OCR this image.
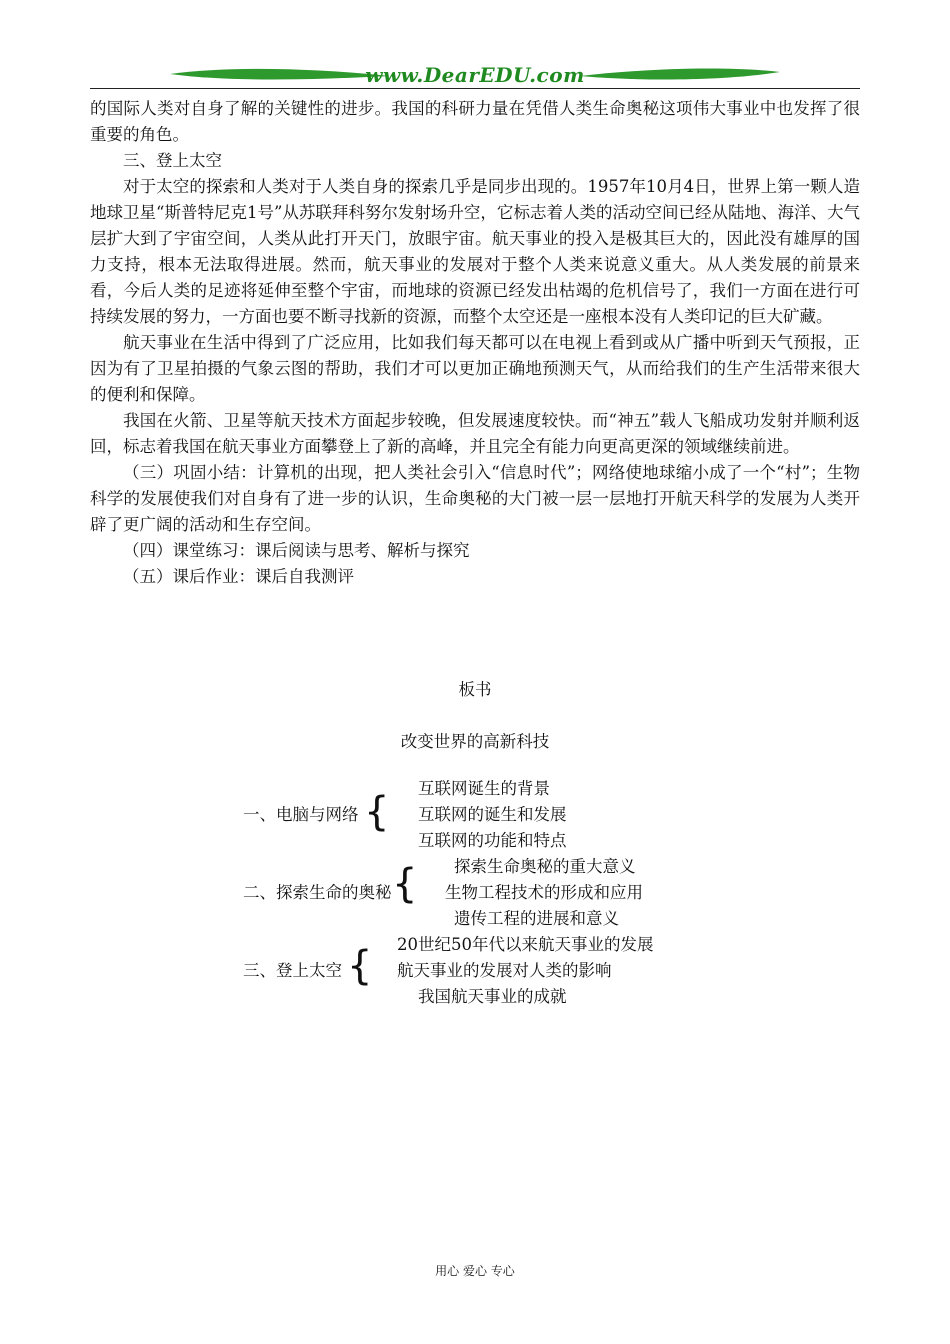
www.DearEDU.com

的国际人类对自身了解的关键性的进步。我国的科研力量在凭借人类生命奥秘这项伟大事业中也发挥了很重要的角色。

三、登上太空

对于太空的探索和人类对于人类自身的探索几乎是同步出现的。1957年10月4日，世界上第一颗人造地球卫星“斯普特尼克1号”从苏联拜科努尔发射场升空，它标志着人类的活动空间已经从陆地、海洋、大气层扩大到了宇宙空间，人类从此打开天门，放眼宇宙。航天事业的投入是极其巨大的，因此没有雄厚的国力支持，根本无法取得进展。然而，航天事业的发展对于整个人类来说意义重大。从人类发展的前景来看，今后人类的足迹将延伸至整个宇宙，而地球的资源已经发出枯竭的危机信号了，我们一方面在进行可持续发展的努力，一方面也要不断寻找新的资源，而整个太空还是一座根本没有人类印记的巨大矿藏。

航天事业在生活中得到了广泛应用，比如我们每天都可以在电视上看到或从广播中听到天气预报，正因为有了卫星拍摄的气象云图的帮助，我们才可以更加正确地预测天气，从而给我们的生产生活带来很大的便利和保障。

我国在火箭、卫星等航天技术方面起步较晚，但发展速度较快。而“神五”载人飞船成功发射并顺利返回，标志着我国在航天事业方面攀登上了新的高峰，并且完全有能力向更高更深的领域继续前进。

（三）巩固小结：计算机的出现，把人类社会引入“信息时代”；网络使地球缩小成了一个“村”；生物科学的发展使我们对自身有了进一步的认识，生命奥秘的大门被一层一层地打开航天科学的发展为人类开辟了更广阔的活动和生存空间。

（四）课堂练习：课后阅读与思考、解析与探究

（五）课后作业：课后自我测评

板书
改变世界的高新科技
一、电脑与网络 {
互联网诞生的背景
互联网的诞生和发展
互联网的功能和特点
二、探索生命的奥秘 { 探索生命奥秘的重大意义
生物工程技术的形成和应用
遗传工程的进展和意义
三、登上太空 { 20世纪50年代以来航天事业的发展
航天事业的发展对人类的影响
我国航天事业的成就
用心 爱心 专心
